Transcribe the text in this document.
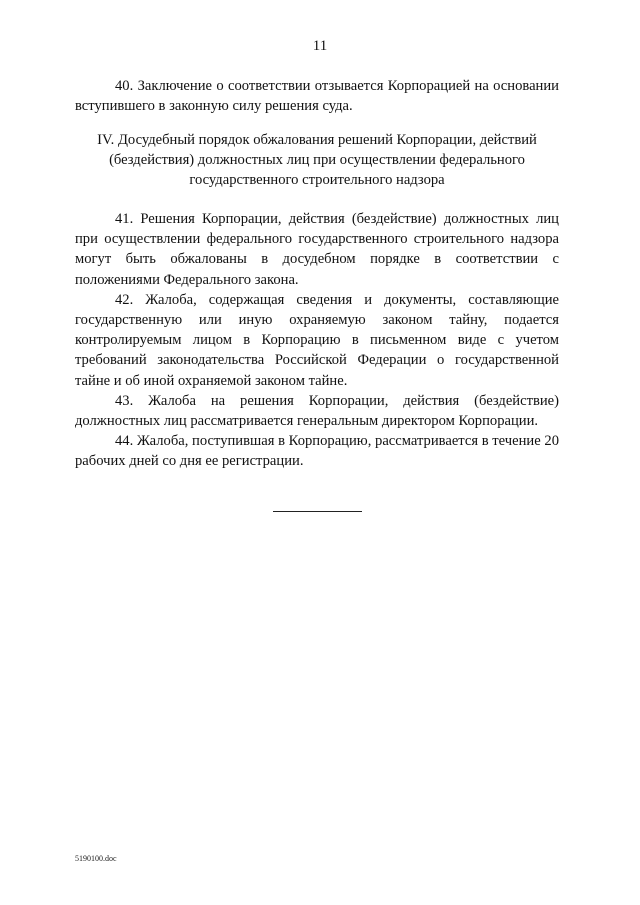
11

40. Заключение о соответствии отзывается Корпорацией на основании вступившего в законную силу решения суда.

IV. Досудебный порядок обжалования решений Корпорации, действий (бездействия) должностных лиц при осуществлении федерального государственного строительного надзора

41. Решения Корпорации, действия (бездействие) должностных лиц при осуществлении федерального государственного строительного надзора могут быть обжалованы в досудебном порядке в соответствии с положениями Федерального закона.

42. Жалоба, содержащая сведения и документы, составляющие государственную или иную охраняемую законом тайну, подается контролируемым лицом в Корпорацию в письменном виде с учетом требований законодательства Российской Федерации о государственной тайне и об иной охраняемой законом тайне.

43. Жалоба на решения Корпорации, действия (бездействие) должностных лиц рассматривается генеральным директором Корпорации.

44. Жалоба, поступившая в Корпорацию, рассматривается в течение 20 рабочих дней со дня ее регистрации.

5190100.doc
